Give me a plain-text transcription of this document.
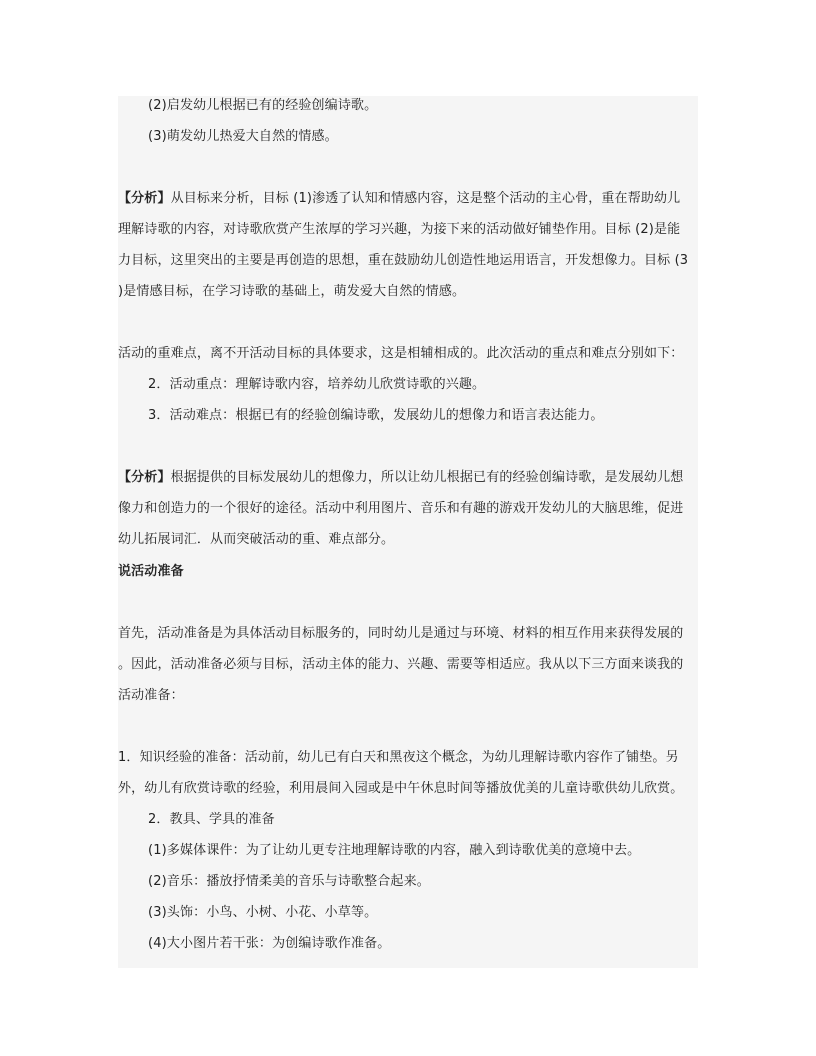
(2)启发幼儿根据已有的经验创编诗歌。
(3)萌发幼儿热爱大自然的情感。
【分析】从目标来分析，目标 (1)渗透了认知和情感内容，这是整个活动的主心骨，重在帮助幼儿
理解诗歌的内容，对诗歌欣赏产生浓厚的学习兴趣，为接下来的活动做好铺垫作用。目标 (2)是能
力目标，这里突出的主要是再创造的思想，重在鼓励幼儿创造性地运用语言，开发想像力。目标 (3
)是情感目标，在学习诗歌的基础上，萌发爱大自然的情感。
活动的重难点，离不开活动目标的具体要求，这是相辅相成的。此次活动的重点和难点分别如下：
2．活动重点：理解诗歌内容，培养幼儿欣赏诗歌的兴趣。
3．活动难点：根据已有的经验创编诗歌，发展幼儿的想像力和语言表达能力。
【分析】根据提供的目标发展幼儿的想像力，所以让幼儿根据已有的经验创编诗歌，是发展幼儿想
像力和创造力的一个很好的途径。活动中利用图片、音乐和有趣的游戏开发幼儿的大脑思维，促进
幼儿拓展词汇．从而突破活动的重、难点部分。
说活动准备
首先，活动准备是为具体活动目标服务的，同时幼儿是通过与环境、材料的相互作用来获得发展的
。因此，活动准备必须与目标，活动主体的能力、兴趣、需要等相适应。我从以下三方面来谈我的
活动准备：
1．知识经验的准备：活动前，幼儿已有白天和黑夜这个概念，为幼儿理解诗歌内容作了铺垫。另
外，幼儿有欣赏诗歌的经验，利用晨间入园或是中午休息时间等播放优美的儿童诗歌供幼儿欣赏。
2．教具、学具的准备
(1)多媒体课件：为了让幼儿更专注地理解诗歌的内容，融入到诗歌优美的意境中去。
(2)音乐：播放抒情柔美的音乐与诗歌整合起来。
(3)头饰：小鸟、小树、小花、小草等。
(4)大小图片若干张：为创编诗歌作准备。
